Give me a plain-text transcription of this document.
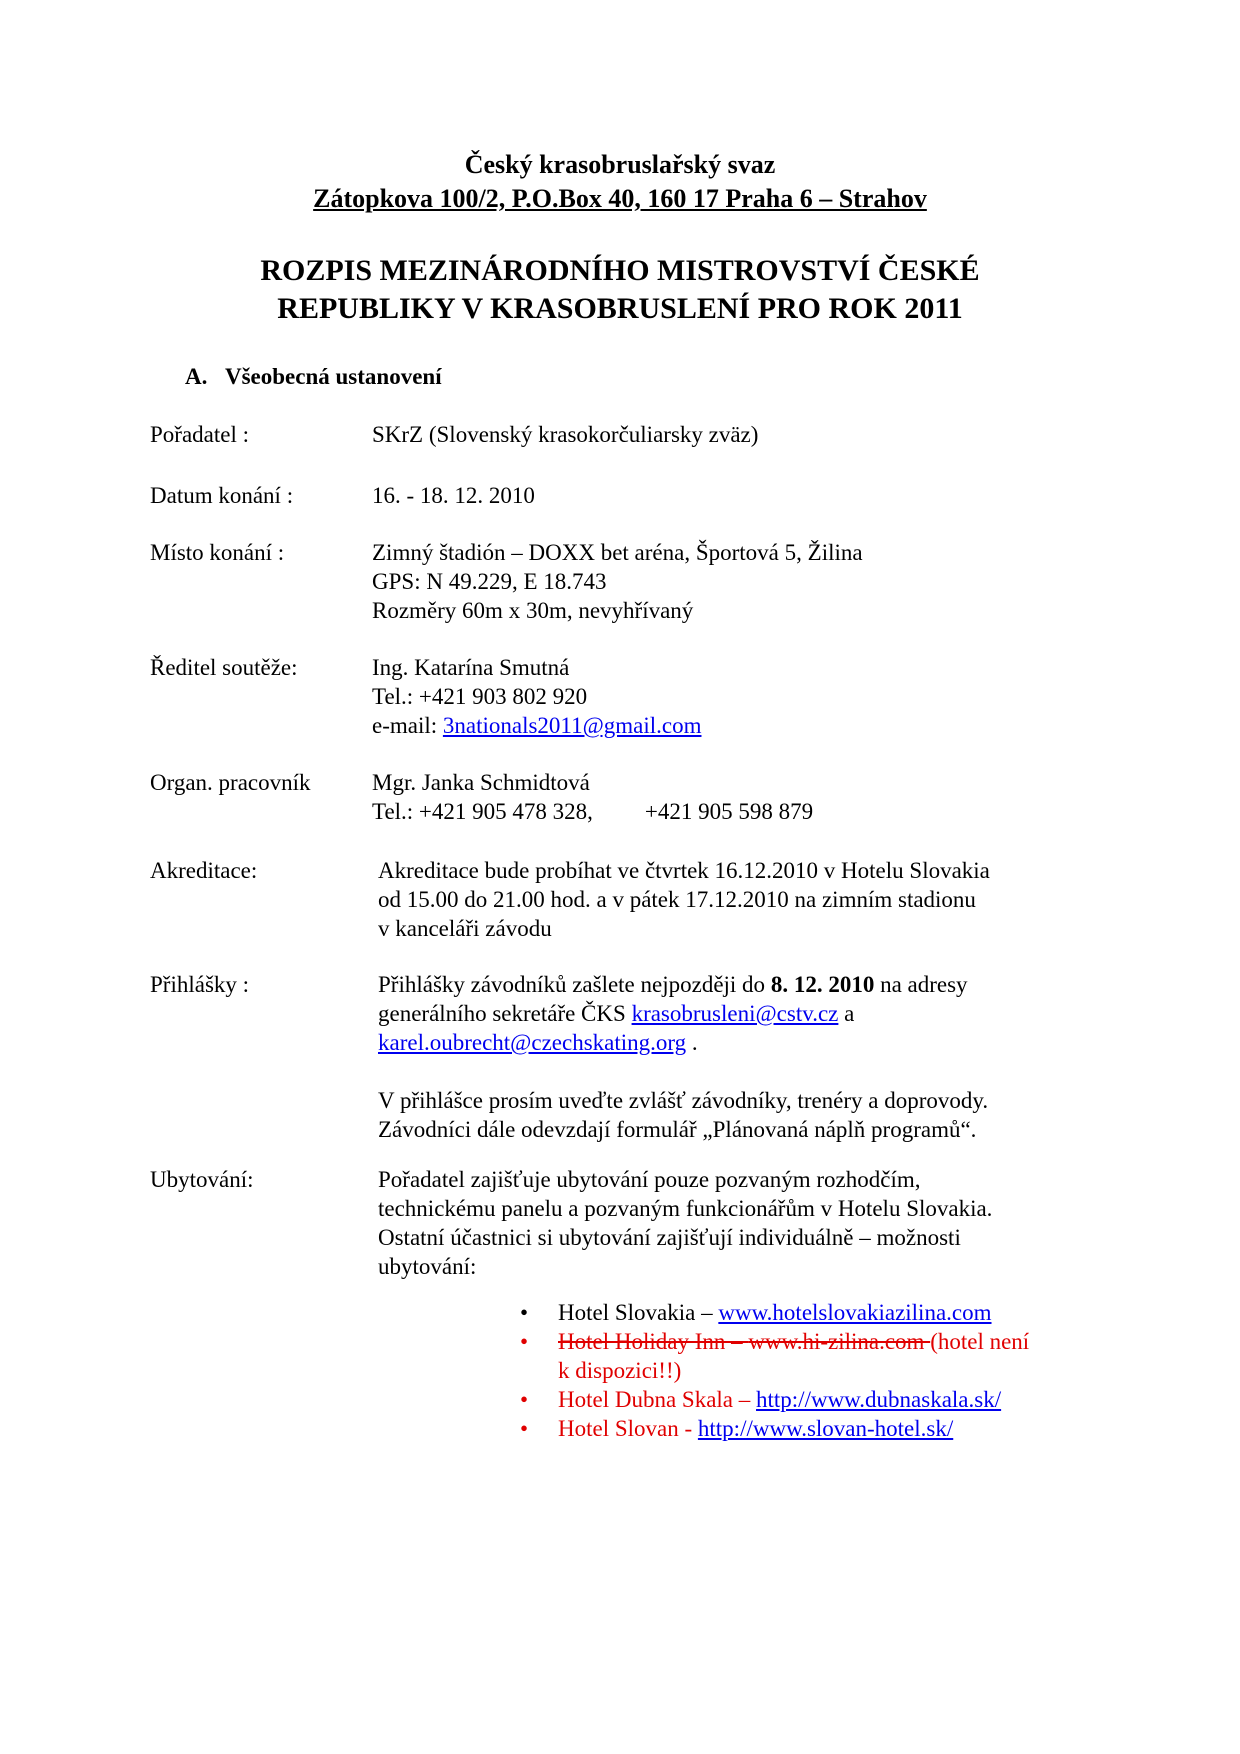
Český krasobruslařský svaz
Zátopkova 100/2, P.O.Box 40, 160 17 Praha 6 – Strahov
ROZPIS MEZINÁRODNÍHO MISTROVSTVÍ ČESKÉ
REPUBLIKY V KRASOBRUSLENÍ PRO ROK 2011
A. Všeobecná ustanovení
Pořadatel :	SKrZ (Slovenský krasokorčuliarsky zväz)
Datum konání :	16. - 18. 12. 2010
Místo konání :	Zimný štadión – DOXX bet aréna, Športová 5, Žilina
GPS: N 49.229, E 18.743
Rozměry 60m x 30m, nevyhřívaný
Ředitel soutěže:	Ing. Katarína Smutná
Tel.: +421 903 802 920
e-mail: 3nationals2011@gmail.com
Organ. pracovník	Mgr. Janka Schmidtová
Tel.: +421 905 478 328, +421 905 598 879
Akreditace:	Akreditace bude probíhat ve čtvrtek 16.12.2010 v Hotelu Slovakia
od 15.00 do 21.00 hod. a v pátek 17.12.2010 na zimním stadionu
v kanceláři závodu
Přihlášky :	Přihlášky závodníků zašlete nejpozději do 8. 12. 2010 na adresy
generálního sekretáře ČKS krasobrusleni@cstv.cz a
karel.oubrecht@czechskating.org .
V přihlášce prosím uveďte zvlášť závodníky, trenéry a doprovody.
Závodníci dále odevzdají formulář „Plánovaná náplň programů“.
Ubytování:	Pořadatel zajišťuje ubytování pouze pozvaným rozhodčím,
technickému panelu a pozvaným funkcionářům v Hotelu Slovakia.
Ostatní účastnici si ubytování zajišťují individuálně – možnosti
ubytování:
• Hotel Slovakia – www.hotelslovakiazilina.com
• Hotel Holiday Inn – www.hi-zilina.com (hotel není
k dispozici!!)
• Hotel Dubna Skala – http://www.dubnaskala.sk/
• Hotel Slovan - http://www.slovan-hotel.sk/
